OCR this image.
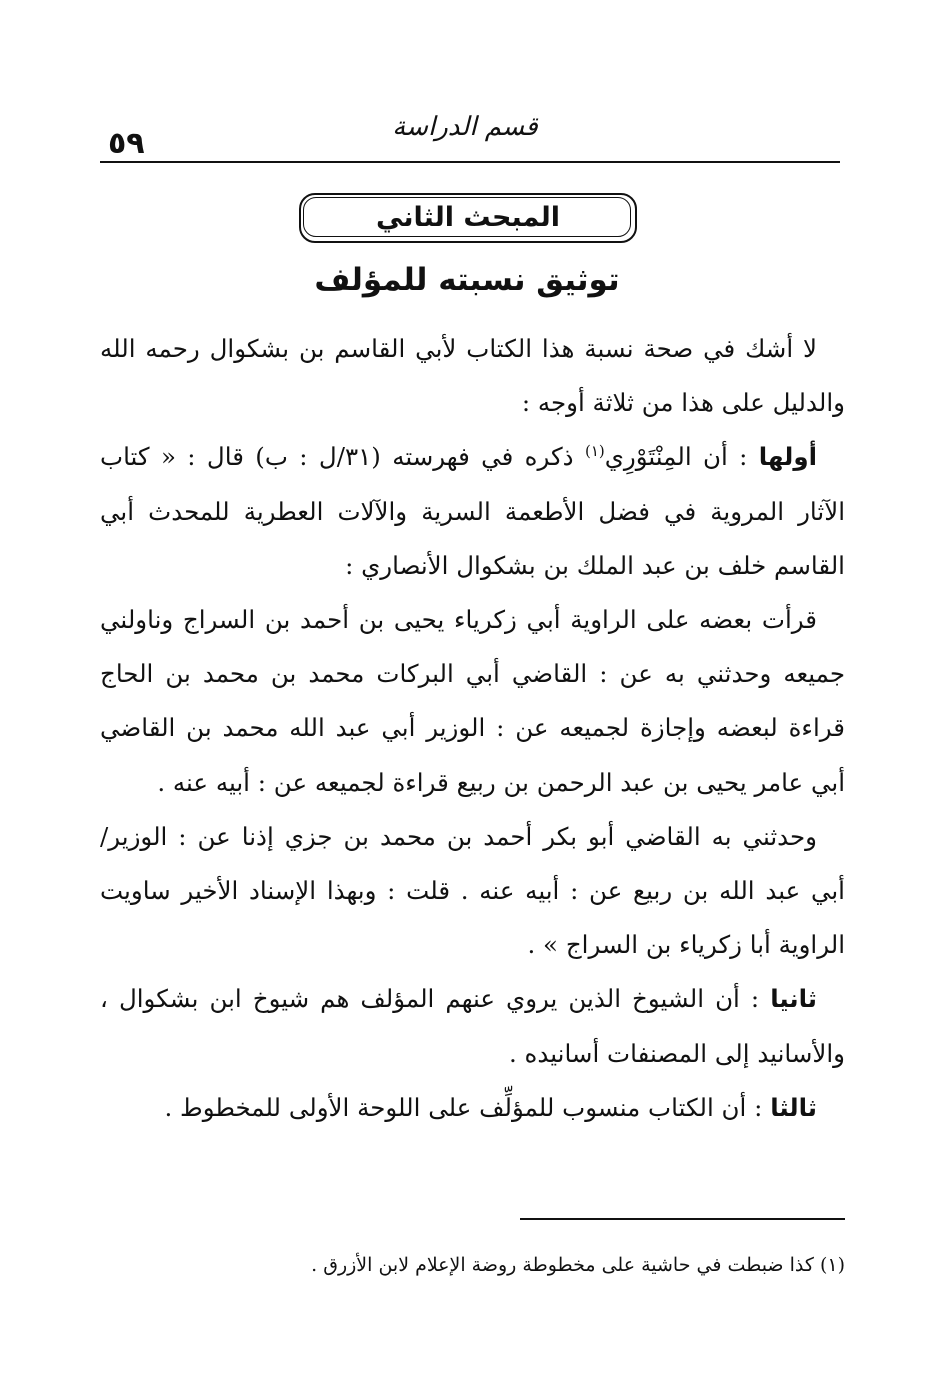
٥٩	قسم الدراسة
المبحث الثاني
توثيق نسبته للمؤلف

لا أشك في صحة نسبة هذا الكتاب لأبي القاسم بن بشكوال رحمه الله والدليل على هذا من ثلاثة أوجه :

أولها : أن المِنْتَوْرِي$^{(١)}$ ذكره في فهرسته (٣١/ل : ب) قال : « كتاب الآثار المروية في فضل الأطعمة السرية والآلات العطرية للمحدث أبي القاسم خلف بن عبد الملك بن بشكوال الأنصاري :

قرأت بعضه على الراوية أبي زكرياء يحيى بن أحمد بن السراج وناولني جميعه وحدثني به عن : القاضي أبي البركات محمد بن محمد بن الحاج قراءة لبعضه وإجازة لجميعه عن : الوزير أبي عبد الله محمد بن القاضي أبي عامر يحيى بن عبد الرحمن بن ربيع قراءة لجميعه عن : أبيه عنه .

وحدثني به القاضي أبو بكر أحمد بن محمد بن جزي إذنا عن : الوزير/ أبي عبد الله بن ربيع عن : أبيه عنه . قلت : وبهذا الإسناد الأخير ساويت الراوية أبا زكرياء بن السراج » .

ثانيا : أن الشيوخ الذين يروي عنهم المؤلف هم شيوخ ابن بشكوال ، والأسانيد إلى المصنفات أسانيده .

ثالثا : أن الكتاب منسوب للمؤلِّف على اللوحة الأولى للمخطوط .

(١) كذا ضبطت في حاشية على مخطوطة روضة الإعلام لابن الأزرق .
